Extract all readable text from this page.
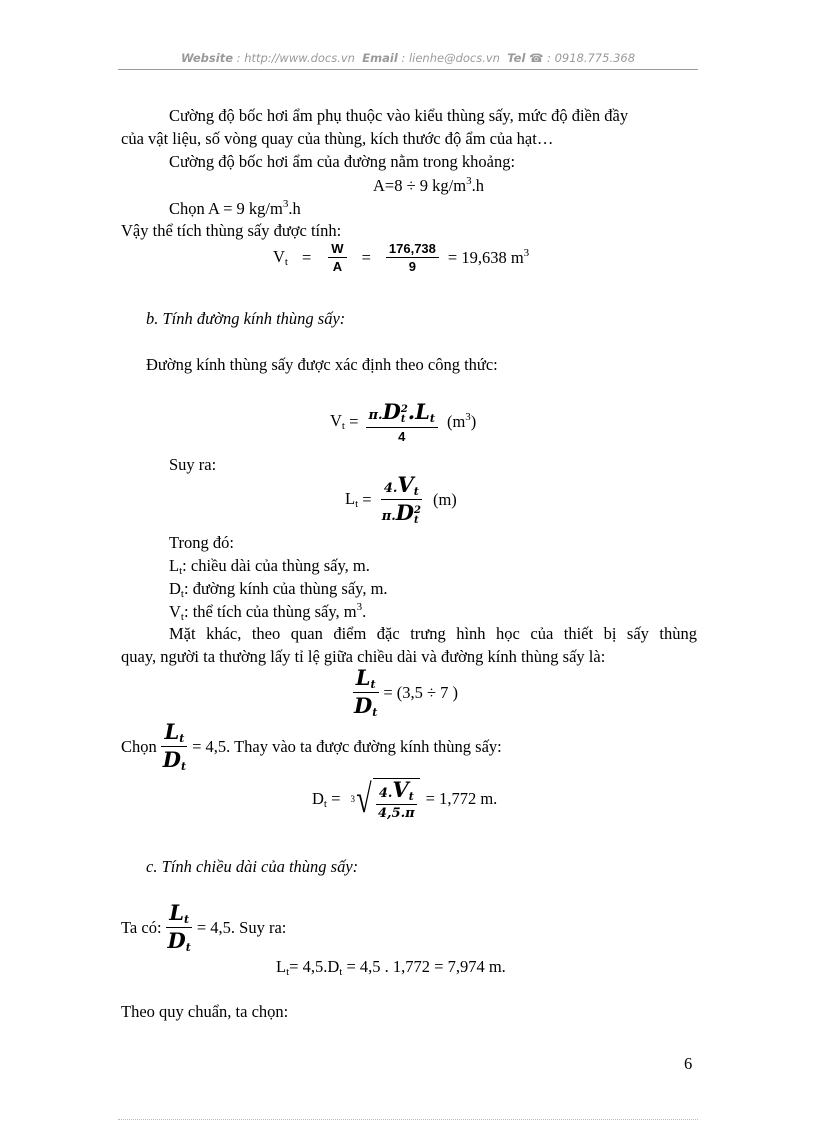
Website : http://www.docs.vn Email : lienhe@docs.vn Tel ☎ : 0918.775.368
Cường độ bốc hơi ẩm phụ thuộc vào kiểu thùng sấy, mức độ điền đầy
của vật liệu, số vòng quay của thùng, kích thước độ ẩm của hạt…
Cường độ bốc hơi ẩm của đường nằm trong khoảng:
A=8 ÷ 9 $kg/m^3.h$
Chọn A = 9 $kg/m^3.h$
Vậy thể tích thùng sấy được tính:
$V_t = \frac{W}{A} = \frac{176,738}{9} = 19,638$ $m^3$
b. Tính đường kính thùng sấy:
Đường kính thùng sấy được xác định theo công thức:
$V_t = \pi.D$ 2
t $.L_t$
4 $(m^3)$
Suy ra:
$L_t = 4.V_t$
π.D 2
t (m)
Trong đó:
$L_t$: chiều dài của thùng sấy, m.
$D_t$: đường kính của thùng sấy, m.
$V_t$: thể tích của thùng sấy, $m^3$.
Mặt khác, theo quan điểm đặc trưng hình học của thiết bị sấy thùng
quay, người ta thường lấy tỉ lệ giữa chiều dài và đường kính thùng sấy là:
$\frac{L_t}{D_t} = (3,5 \div 7$ )
Chọn $\frac{L_t}{D_t} = 4,5$. Thay vào ta được đường kính thùng sấy:
$D_t = 3$ √ $\frac{4.V_t}{4,5.\pi} = 1,772$ m.
c. Tính chiều dài của thùng sấy:
Ta có: $\frac{L_t}{D_t} = 4,5$. Suy ra:
$L_t= 4,5.D_t = 4,5$ . 1,772 = 7,974 m.
Theo quy chuẩn, ta chọn:
6
